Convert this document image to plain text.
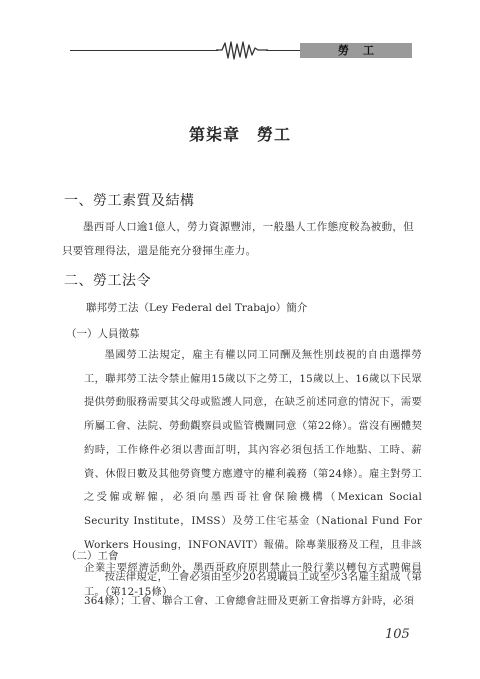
勞工
第柒章　勞工
一、勞工素質及結構
墨西哥人口逾1億人，勞力資源豐沛，一般墨人工作態度較為被動，但只要管理得法，還是能充分發揮生產力。
二、勞工法令
聯邦勞工法（Ley Federal del Trabajo）簡介
（一）人員徵募
墨國勞工法規定，雇主有權以同工同酬及無性別歧視的自由選擇勞工，聯邦勞工法令禁止僱用15歲以下之勞工，15歲以上、16歲以下民眾提供勞動服務需要其父母或監護人同意，在缺乏前述同意的情況下，需要所屬工會、法院、勞動觀察員或監管機關同意（第22條）。當沒有團體契約時，工作條件必須以書面訂明，其內容必須包括工作地點、工時、薪資、休假日數及其他勞資雙方應遵守的權利義務（第24條）。雇主對勞工之受僱或解僱，必須向墨西哥社會保險機構（Mexican Social Security Institute，IMSS）及勞工住宅基金（National Fund For Workers Housing，INFONAVIT）報備。除專業服務及工程，且非該企業主要經濟活動外，墨西哥政府原則禁止一般行業以轉包方式聘僱員工。（第12-15條）
（二）工會
按法律規定，工會必須由至少20名現職員工或至少3名雇主組成（第364條）；工會、聯合工會、工會總會註冊及更新工會指導方針時，必須
105
